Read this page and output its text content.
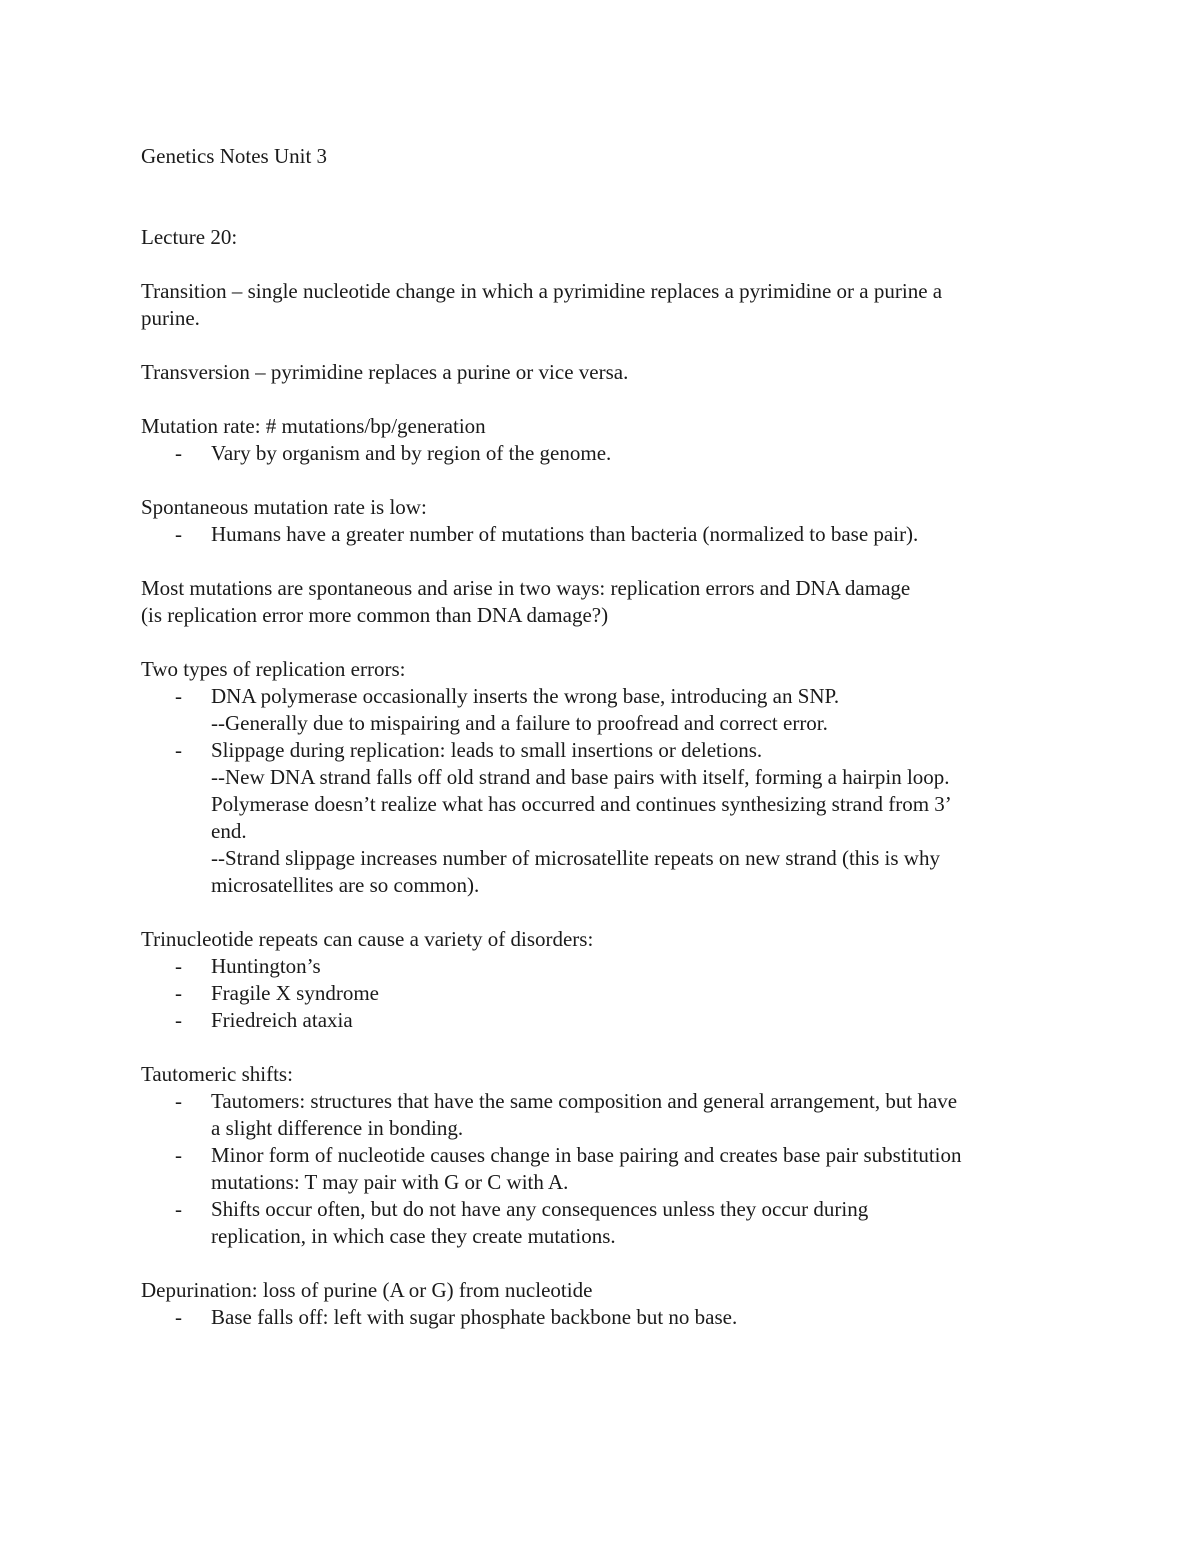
Genetics Notes Unit 3

Lecture 20:

Transition – single nucleotide change in which a pyrimidine replaces a pyrimidine or a purine a

purine.

Transversion – pyrimidine replaces a purine or vice versa.

Mutation rate: # mutations/bp/generation

- Vary by organism and by region of the genome.

Spontaneous mutation rate is low:

- Humans have a greater number of mutations than bacteria (normalized to base pair).

Most mutations are spontaneous and arise in two ways: replication errors and DNA damage

(is replication error more common than DNA damage?)

Two types of replication errors:

- DNA polymerase occasionally inserts the wrong base, introducing an SNP.
--Generally due to mispairing and a failure to proofread and correct error.
- Slippage during replication: leads to small insertions or deletions.
--New DNA strand falls off old strand and base pairs with itself, forming a hairpin loop.
Polymerase doesn’t realize what has occurred and continues synthesizing strand from 3’
end.
--Strand slippage increases number of microsatellite repeats on new strand (this is why
microsatellites are so common).

Trinucleotide repeats can cause a variety of disorders:

- Huntington’s
- Fragile X syndrome
- Friedreich ataxia

Tautomeric shifts:

- Tautomers: structures that have the same composition and general arrangement, but have
a slight difference in bonding.
- Minor form of nucleotide causes change in base pairing and creates base pair substitution
mutations: T may pair with G or C with A.
- Shifts occur often, but do not have any consequences unless they occur during
replication, in which case they create mutations.

Depurination: loss of purine (A or G) from nucleotide

- Base falls off: left with sugar phosphate backbone but no base.
